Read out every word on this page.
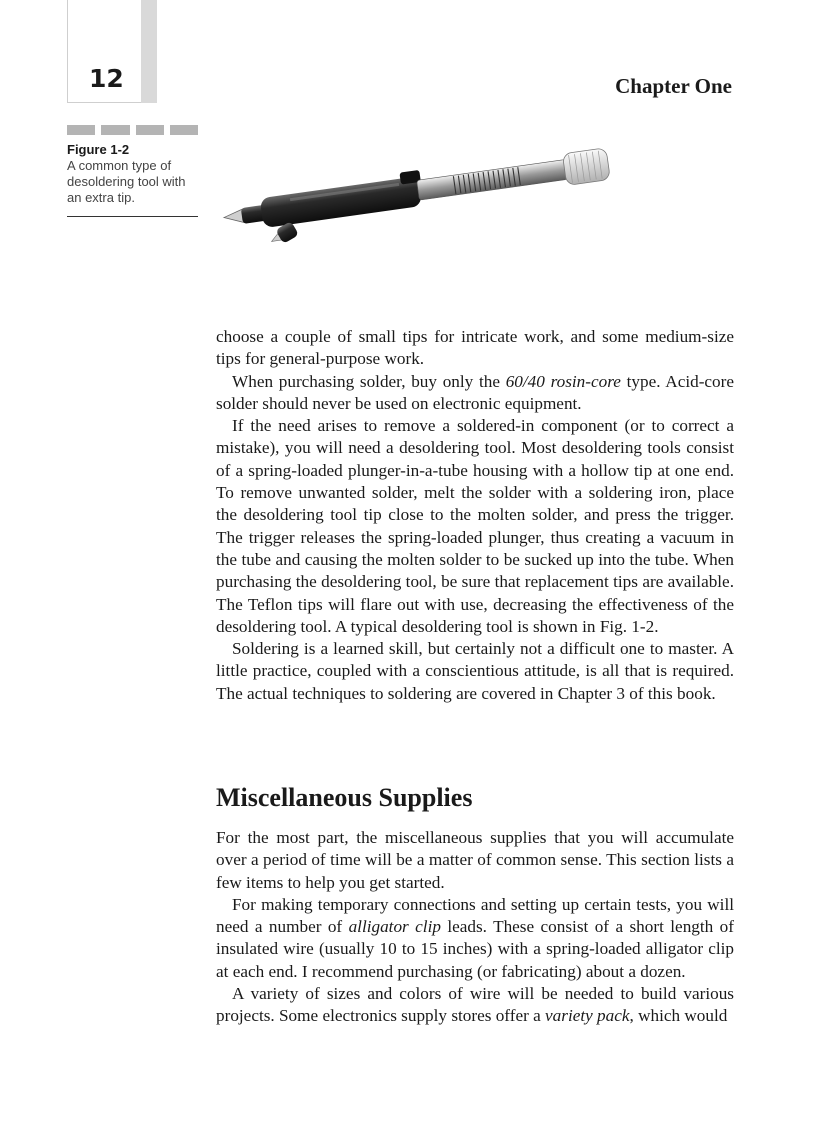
12	Chapter One
Figure 1-2
A common type of desoldering tool with an extra tip.

choose a couple of small tips for intricate work, and some medium-size tips for general-purpose work.

When purchasing solder, buy only the 60/40 rosin-core type. Acid-core solder should never be used on electronic equipment.

If the need arises to remove a soldered-in component (or to correct a mistake), you will need a desoldering tool. Most desoldering tools consist of a spring-loaded plunger-in-a-tube housing with a hollow tip at one end. To remove unwanted solder, melt the solder with a soldering iron, place the desoldering tool tip close to the molten solder, and press the trigger. The trigger releases the spring-loaded plunger, thus creating a vacuum in the tube and causing the molten solder to be sucked up into the tube. When purchasing the desoldering tool, be sure that replacement tips are available. The Teflon tips will flare out with use, decreasing the effectiveness of the desoldering tool. A typical desoldering tool is shown in Fig. 1-2.

Soldering is a learned skill, but certainly not a difficult one to master. A little practice, coupled with a conscientious attitude, is all that is required. The actual techniques to soldering are covered in Chapter 3 of this book.

Miscellaneous Supplies

For the most part, the miscellaneous supplies that you will accumulate over a period of time will be a matter of common sense. This section lists a few items to help you get started.

For making temporary connections and setting up certain tests, you will need a number of alligator clip leads. These consist of a short length of insulated wire (usually 10 to 15 inches) with a spring-loaded alligator clip at each end. I recommend purchasing (or fabricating) about a dozen.

A variety of sizes and colors of wire will be needed to build various projects. Some electronics supply stores offer a variety pack, which would
